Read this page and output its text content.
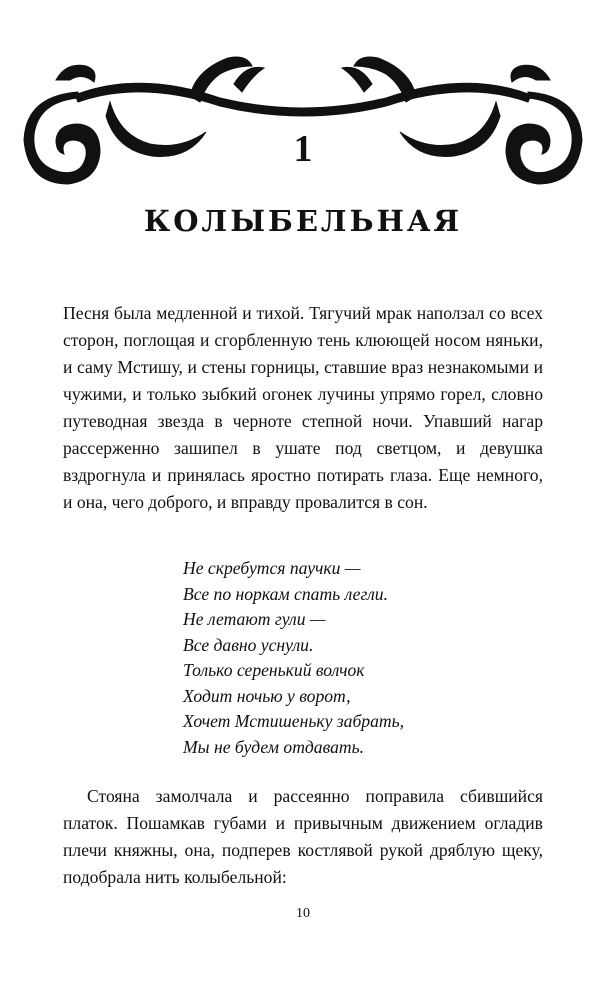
1
КОЛЫБЕЛЬНАЯ

Песня была медленной и тихой. Тягучий мрак наползал со всех сторон, поглощая и сгорбленную тень клюющей носом няньки, и саму Мстишу, и стены горницы, ставшие враз незнакомыми и чужими, и только зыбкий огонек лучины упрямо горел, словно путеводная звезда в черноте степной ночи. Упавший нагар рассерженно зашипел в ушате под светцом, и девушка вздрогнула и принялась яростно потирать глаза. Еще немного, и она, чего доброго, и вправду провалится в сон.

Не скребутся паучки —
Все по норкам спать легли.
Не летают гули —
Все давно уснули.
Только серенький волчок
Ходит ночью у ворот,
Хочет Мстишеньку забрать,
Мы не будем отдавать.

Стояна замолчала и рассеянно поправила сбившийся платок. Пошамкав губами и привычным движением огладив плечи княжны, она, подперев костлявой рукой дряблую щеку, подобрала нить колыбельной:

10
